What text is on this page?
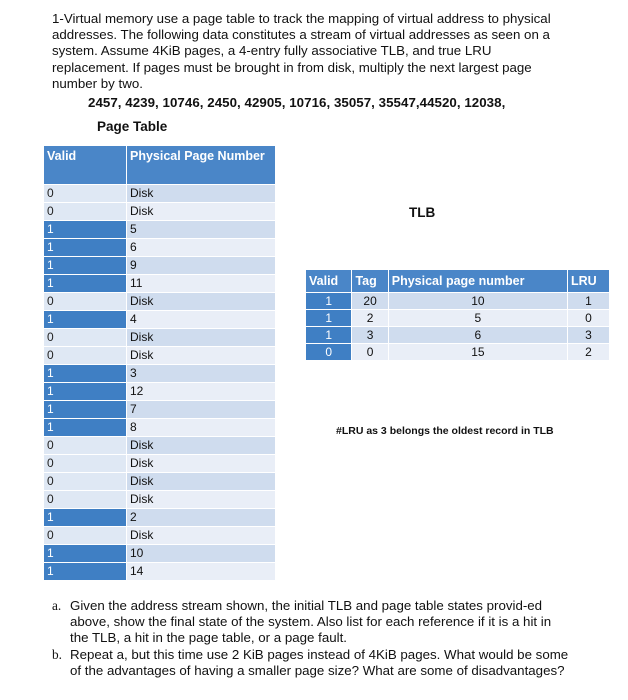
1-Virtual memory use a page table to track the mapping of virtual address to physical addresses. The following data constitutes a stream of virtual addresses as seen on a system. Assume 4KiB pages, a 4-entry fully associative TLB, and true LRU replacement. If pages must be brought in from disk, multiply the next largest page number by two.
2457, 4239, 10746, 2450, 42905, 10716, 35057, 35547,44520, 12038,
Page Table
Valid	Physical Page Number
0	Disk
0	Disk
1	5
1	6
1	9
1	11
0	Disk
1	4
0	Disk
0	Disk
1	3
1	12
1	7
1	8
0	Disk
0	Disk
0	Disk
0	Disk
1	2
0	Disk
1	10
1	14
TLB
Valid	Tag	Physical page number	LRU
1	20	10	1
1	2	5	0
1	3	6	3
0	0	15	2
#LRU as 3 belongs the oldest record in TLB
a. Given the address stream shown, the initial TLB and page table states provid-ed above, show the final state of the system. Also list for each reference if it is a hit in the TLB, a hit in the page table, or a page fault.
b. Repeat a, but this time use 2 KiB pages instead of 4KiB pages. What would be some of the advantages of having a smaller page size? What are some of disadvantages?
